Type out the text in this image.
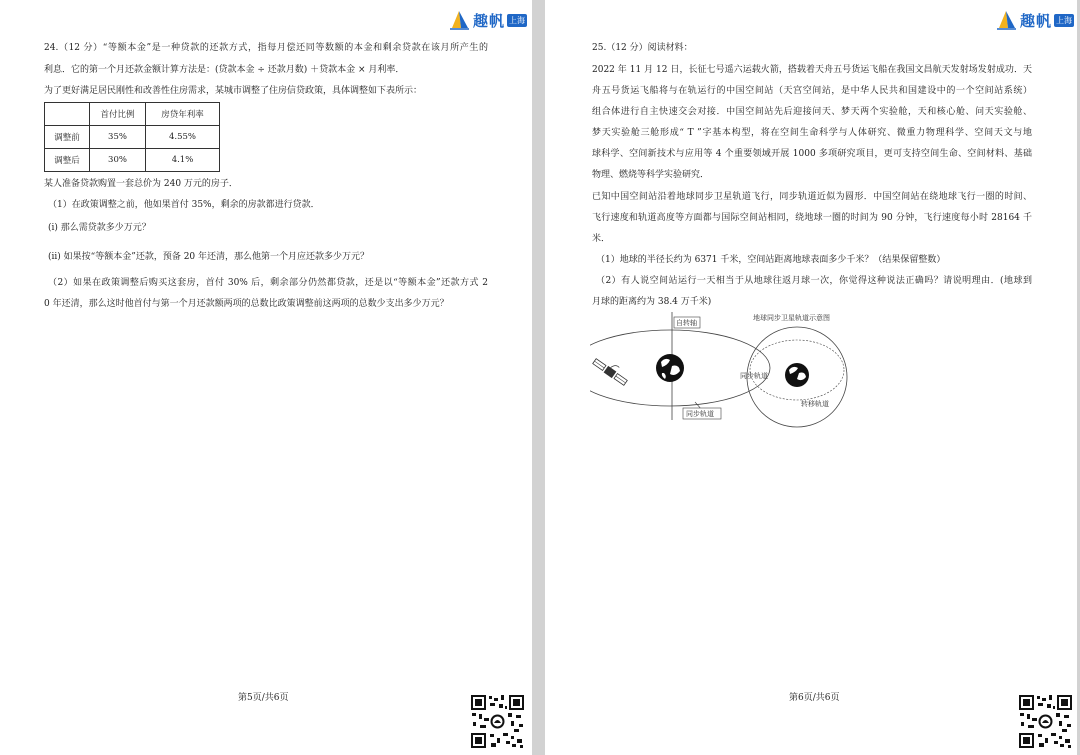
趣帆 上海
24.（12 分）“等额本金”是一种贷款的还款方式，指每月偿还同等数额的本金和剩余贷款在该月所产生的
利息．它的第一个月还款金额计算方法是：(贷款本金 ÷ 还款月数) ＋贷款本金 × 月利率．
为了更好满足居民刚性和改善性住房需求，某城市调整了住房信贷政策，具体调整如下表所示：
	首付比例	房贷年利率
调整前	35%	4.55%
调整后	30%	4.1%
某人准备贷款购置一套总价为 240 万元的房子．
（1）在政策调整之前，他如果首付 35%，剩余的房款都进行贷款．
(i) 那么需贷款多少万元？
(ii) 如果按“等额本金”还款，预备 20 年还清，那么他第一个月应还款多少万元？
（2）如果在政策调整后购买这套房，首付 30% 后，剩余部分仍然都贷款，还是以“等额本金”还款方式 2
0 年还清，那么这时他首付与第一个月还款额两项的总数比政策调整前这两项的总数少支出多少万元？
第5页/共6页
趣帆 上海
25.（12 分）阅读材料：
2022 年 11 月 12 日，长征七号遥六运载火箭，搭载着天舟五号货运飞船在我国文昌航天发射场发射成功．天
舟五号货运飞船将与在轨运行的中国空间站（天宫空间站，是中华人民共和国建设中的一个空间站系统）
组合体进行自主快速交会对接．中国空间站先后迎接问天、梦天两个实验舱，天和核心舱、问天实验舱、
梦天实验舱三舱形成“ T ”字基本构型，将在空间生命科学与人体研究、微重力物理科学、空间天文与地
球科学、空间新技术与应用等 4 个重要领域开展 1000 多项研究项目，更可支持空间生命、空间材料、基础
物理、燃烧等科学实验研究．
已知中国空间站沿着地球同步卫星轨道飞行，同步轨道近似为圆形．中国空间站在绕地球飞行一圈的时间、
飞行速度和轨道高度等方面都与国际空间站相同，绕地球一圈的时间为 90 分钟，飞行速度每小时 28164 千
米．
（1）地球的半径长约为 6371 千米，空间站距离地球表面多少千米？（结果保留整数）
（2）有人说空间站运行一天相当于从地球往返月球一次，你觉得这种说法正确吗？请说明理由．(地球到
月球的距离约为 38.4 万千米)
自转轴
同步轨道
地球同步卫星轨道示意图
同步轨道
转移轨道
第6页/共6页
